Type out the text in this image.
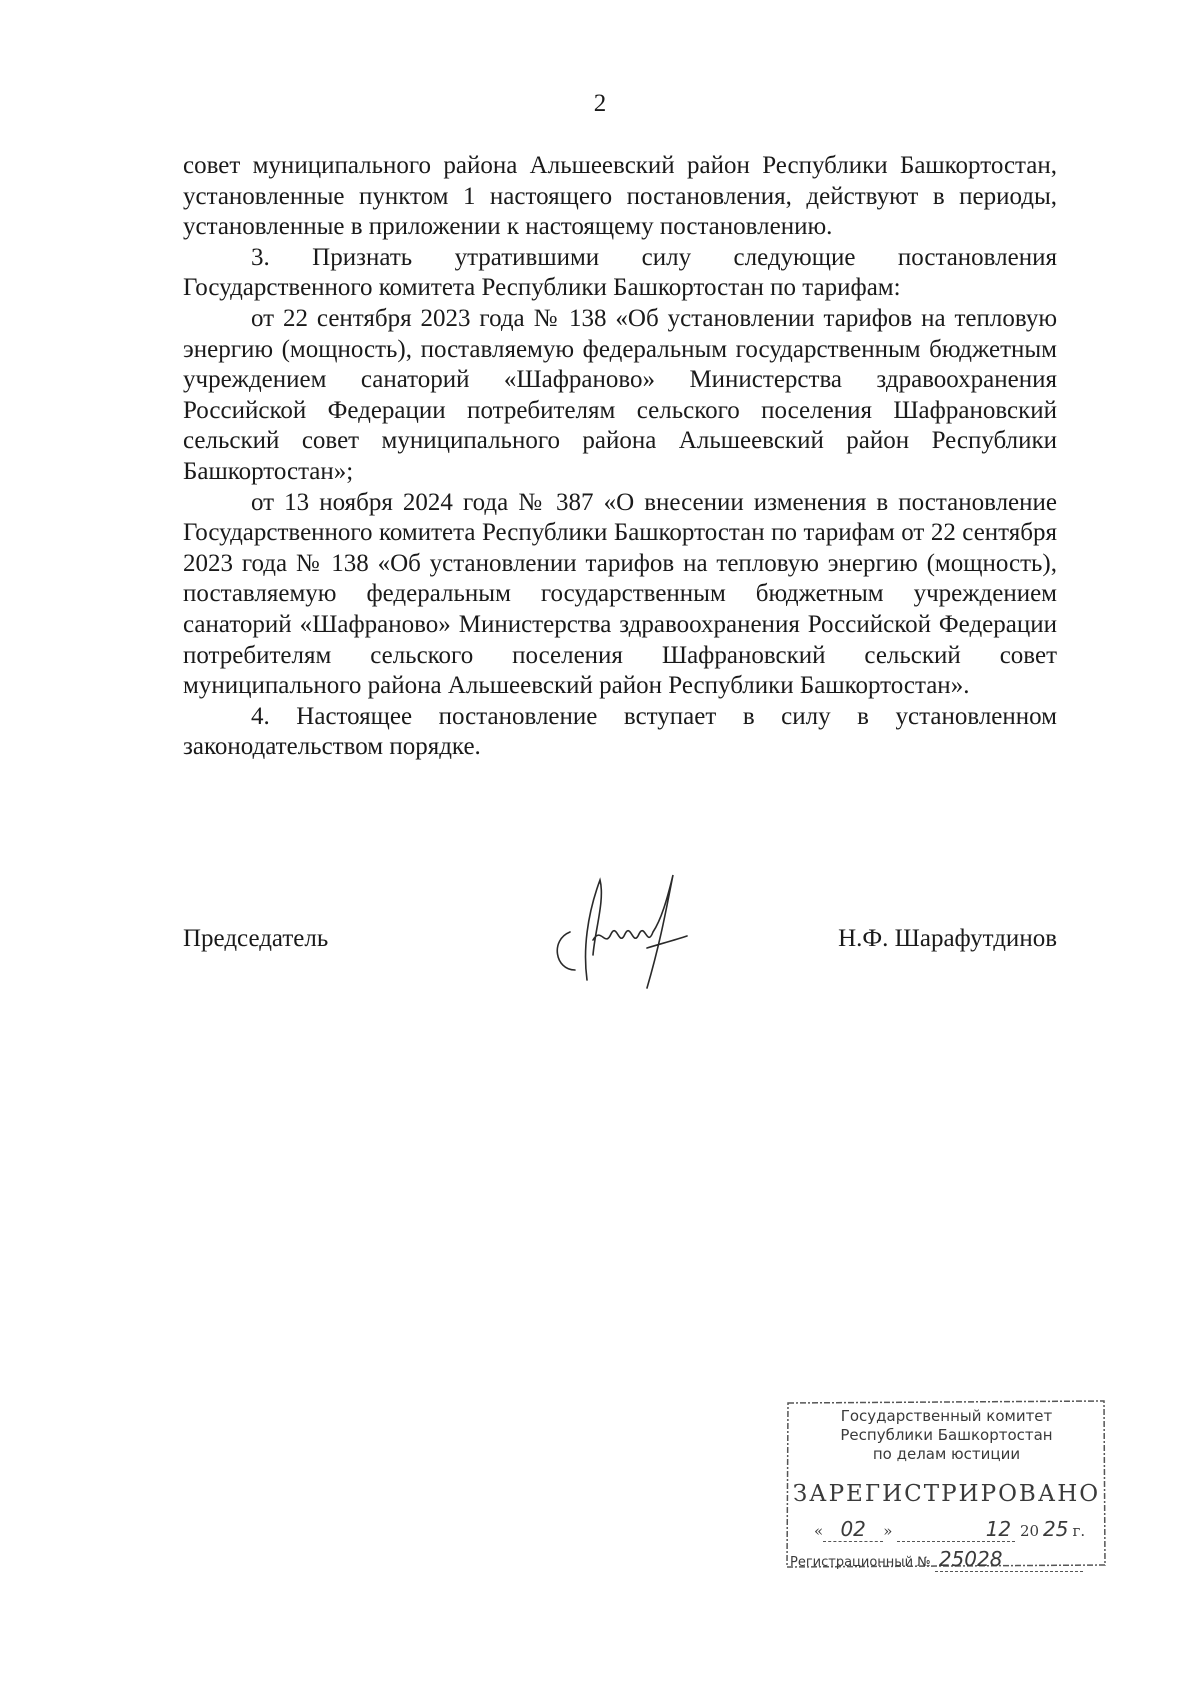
2

совет муниципального района Альшеевский район Республики Башкортостан, установленные пунктом 1 настоящего постановления, действуют в периоды, установленные в приложении к настоящему постановлению.

3. Признать утратившими силу следующие постановления Государственного комитета Республики Башкортостан по тарифам:

от 22 сентября 2023 года № 138 «Об установлении тарифов на тепловую энергию (мощность), поставляемую федеральным государственным бюджетным учреждением санаторий «Шафраново» Министерства здравоохранения Российской Федерации потребителям сельского поселения Шафрановский сельский совет муниципального района Альшеевский район Республики Башкортостан»;

от 13 ноября 2024 года № 387 «О внесении изменения в постановление Государственного комитета Республики Башкортостан по тарифам от 22 сентября 2023 года № 138 «Об установлении тарифов на тепловую энергию (мощность), поставляемую федеральным государственным бюджетным учреждением санаторий «Шафраново» Министерства здравоохранения Российской Федерации потребителям сельского поселения Шафрановский сельский совет муниципального района Альшеевский район Республики Башкортостан».

4. Настоящее постановление вступает в силу в установленном законодательством порядке.

Председатель	Н.Ф. Шарафутдинов
Государственный комитет
Республики Башкортостан
по делам юстиции
ЗАРЕГИСТРИРОВАНО
« 02 »	12 20 25 г.
Регистрационный № 25028
